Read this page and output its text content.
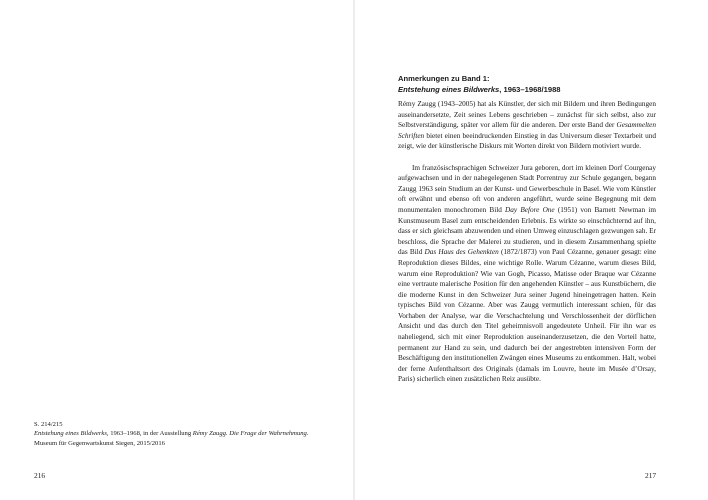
S. 214/215
Entstehung eines Bildwerks, 1963–1968, in der Ausstellung Rémy Zaugg. Die Frage der Wahrnehmung. Museum für Gegenwartskunst Siegen, 2015/2016
216
Anmerkungen zu Band 1:
Entstehung eines Bildwerks, 1963–1968/1988

Rémy Zaugg (1943–2005) hat als Künstler, der sich mit Bildern und ihren Bedingungen auseinandersetzte, Zeit seines Lebens geschrieben – zunächst für sich selbst, also zur Selbstverständigung, später vor allem für die anderen. Der erste Band der Gesammelten Schriften bietet einen beeindruckenden Einstieg in das Universum dieser Textarbeit und zeigt, wie der künstlerische Diskurs mit Worten direkt von Bildern motiviert wurde.

Im französischsprachigen Schweizer Jura geboren, dort im kleinen Dorf Courgenay aufgewachsen und in der nahegelegenen Stadt Porrentruy zur Schule gegangen, begann Zaugg 1963 sein Studium an der Kunst- und Gewerbeschule in Basel. Wie vom Künstler oft erwähnt und ebenso oft von anderen angeführt, wurde seine Begegnung mit dem monumentalen monochromen Bild Day Before One (1951) von Barnett Newman im Kunstmuseum Basel zum entscheidenden Erlebnis. Es wirkte so einschüchternd auf ihn, dass er sich gleichsam abzuwenden und einen Umweg einzuschlagen gezwungen sah. Er beschloss, die Sprache der Malerei zu studieren, und in diesem Zusammenhang spielte das Bild Das Haus des Gehenkten (1872/1873) von Paul Cézanne, genauer gesagt: eine Reproduktion dieses Bildes, eine wichtige Rolle. Warum Cézanne, warum dieses Bild, warum eine Reproduktion? Wie van Gogh, Picasso, Matisse oder Braque war Cézanne eine vertraute malerische Position für den angehenden Künstler – aus Kunstbüchern, die die moderne Kunst in den Schweizer Jura seiner Jugend hineingetragen hatten. Kein typisches Bild von Cézanne. Aber was Zaugg vermutlich interessant schien, für das Vorhaben der Analyse, war die Verschachtelung und Verschlossenheit der dörflichen Ansicht und das durch den Titel geheimnisvoll angedeutete Unheil. Für ihn war es naheliegend, sich mit einer Reproduktion auseinanderzusetzen, die den Vorteil hatte, permanent zur Hand zu sein, und dadurch bei der angestrebten intensiven Form der Beschäftigung den institutionellen Zwängen eines Museums zu entkommen. Halt, wobei der ferne Aufenthaltsort des Originals (damals im Louvre, heute im Musée d’Orsay, Paris) sicherlich einen zusätzlichen Reiz ausübte.

217
